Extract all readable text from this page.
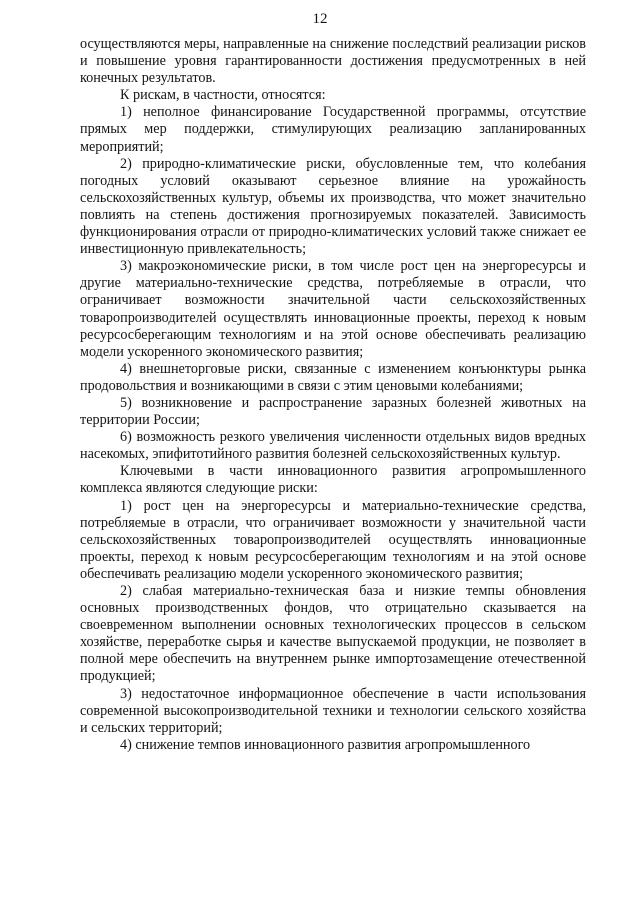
12

осуществляются меры, направленные на снижение последствий реализации рисков и повышение уровня гарантированности достижения предусмотренных в ней конечных результатов.

К рискам, в частности, относятся:

1) неполное финансирование Государственной программы, отсутствие прямых мер поддержки, стимулирующих реализацию запланированных мероприятий;

2) природно-климатические риски, обусловленные тем, что колебания погодных условий оказывают серьезное влияние на урожайность сельскохозяйственных культур, объемы их производства, что может значительно повлиять на степень достижения прогнозируемых показателей. Зависимость функционирования отрасли от природно-климатических условий также снижает ее инвестиционную привлекательность;

3) макроэкономические риски, в том числе рост цен на энергоресурсы и другие материально-технические средства, потребляемые в отрасли, что ограничивает возможности значительной части сельскохозяйственных товаропроизводителей осуществлять инновационные проекты, переход к новым ресурсосберегающим технологиям и на этой основе обеспечивать реализацию модели ускоренного экономического развития;

4) внешнеторговые риски, связанные с изменением конъюнктуры рынка продовольствия и возникающими в связи с этим ценовыми колебаниями;

5) возникновение и распространение заразных болезней животных на территории России;

6) возможность резкого увеличения численности отдельных видов вредных насекомых, эпифитотийного развития болезней сельскохозяйственных культур.

Ключевыми в части инновационного развития агропромышленного комплекса являются следующие риски:

1) рост цен на энергоресурсы и материально-технические средства, потребляемые в отрасли, что ограничивает возможности у значительной части сельскохозяйственных товаропроизводителей осуществлять инновационные проекты, переход к новым ресурсосберегающим технологиям и на этой основе обеспечивать реализацию модели ускоренного экономического развития;

2) слабая материально-техническая база и низкие темпы обновления основных производственных фондов, что отрицательно сказывается на своевременном выполнении основных технологических процессов в сельском хозяйстве, переработке сырья и качестве выпускаемой продукции, не позволяет в полной мере обеспечить на внутреннем рынке импортозамещение отечественной продукцией;

3) недостаточное информационное обеспечение в части использования современной высокопроизводительной техники и технологии сельского хозяйства и сельских территорий;

4) снижение темпов инновационного развития агропромышленного
